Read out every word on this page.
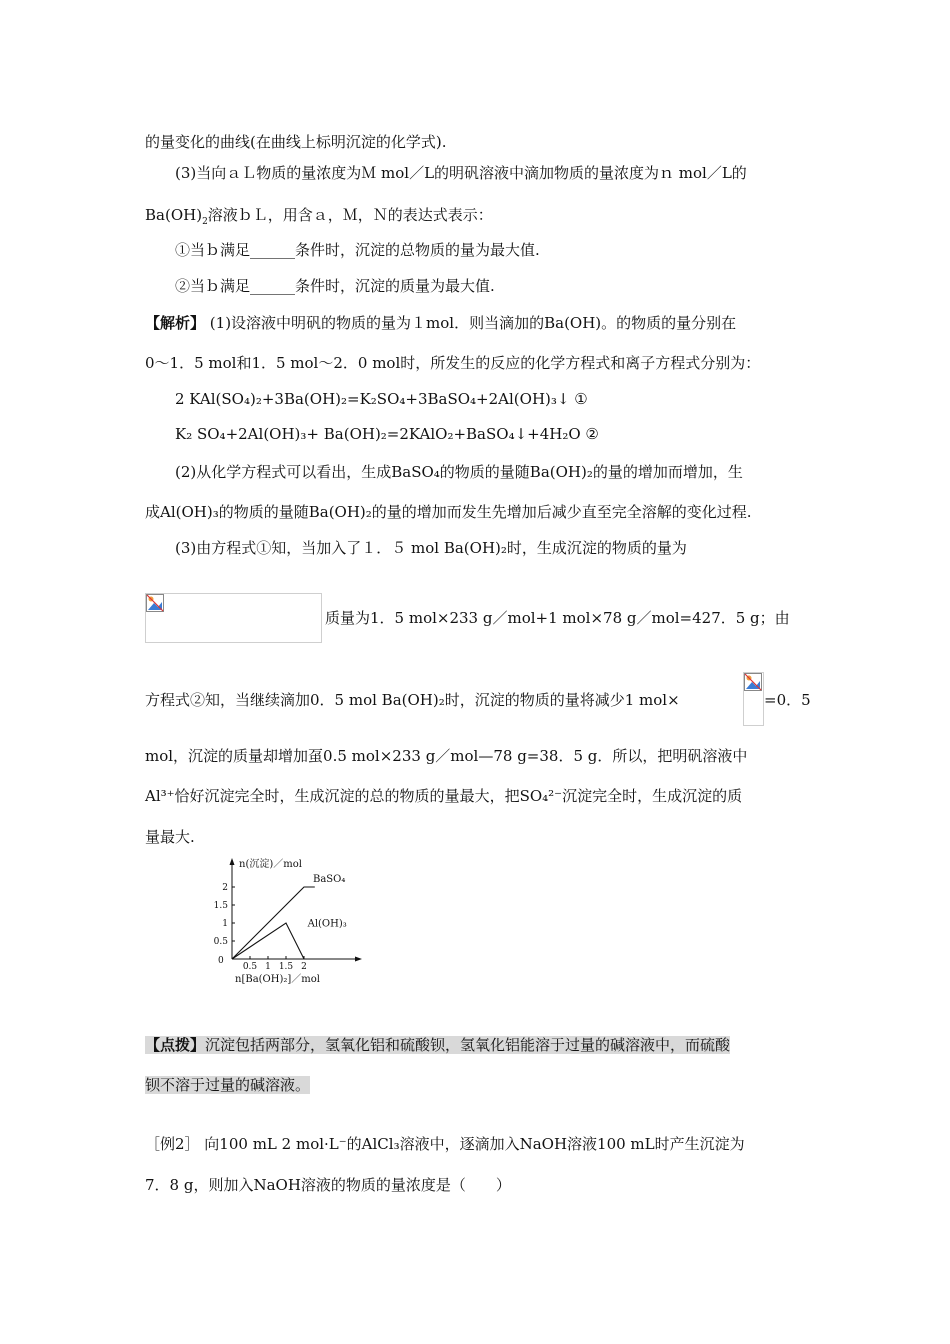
的量变化的曲线(在曲线上标明沉淀的化学式).
(3)当向ａＬ物质的量浓度为Ｍ mol／L的明矾溶液中滴加物质的量浓度为ｎ mol／L的
$Ba(OH)_2$溶液ｂＬ，用含ａ，Ｍ，Ｎ的表达式表示：
①当ｂ满足______条件时，沉淀的总物质的量为最大值.
②当ｂ满足______条件时，沉淀的质量为最大值.
【解析】 (1)设溶液中明矾的物质的量为１mol．则当滴加的Ba(OH)。的物质的量分别在
0～1．5 mol和1．5 mol～2．0 mol时，所发生的反应的化学方程式和离子方程式分别为：
2 KAl(SO₄)₂+3Ba(OH)₂=K₂SO₄+3BaSO₄+2Al(OH)₃↓ ①
K₂ SO₄+2Al(OH)₃+ Ba(OH)₂=2KAlO₂+BaSO₄↓+4H₂O ②
(2)从化学方程式可以看出，生成BaSO₄的物质的量随Ba(OH)₂的量的增加而增加，生
成Al(OH)₃的物质的量随Ba(OH)₂的量的增加而发生先增加后减少直至完全溶解的变化过程.
(3)由方程式①知，当加入了１．５ mol Ba(OH)₂时，生成沉淀的物质的量为
质量为1．5 mol×233 g／mol+1 mol×78 g／mol=427．5 g；由
方程式②知，当继续滴加0．5 mol Ba(OH)₂时，沉淀的物质的量将减少1 mol×	=0．5
mol，沉淀的质量却增加虿0.5 mol×233 g／mol—78 g=38．5 g．所以，把明矾溶液中
Al³⁺恰好沉淀完全时，生成沉淀的总的物质的量最大，把SO₄²⁻沉淀完全时，生成沉淀的质
量最大.
n(沉淀)／mol
n[Ba(OH)₂]／mol
0
2
1.5
1
0.5
0.5 1 1.5 2
BaSO₄
Al(OH)₃
【点拨】沉淀包括两部分，氢氧化铝和硫酸钡，氢氧化铝能溶于过量的碱溶液中，而硫酸
钡不溶于过量的碱溶液。
［例2］ 向100 mL 2 mol·L⁻的AlCl₃溶液中，逐滴加入NaOH溶液100 mL时产生沉淀为
7．8 g，则加入NaOH溶液的物质的量浓度是（　　）
